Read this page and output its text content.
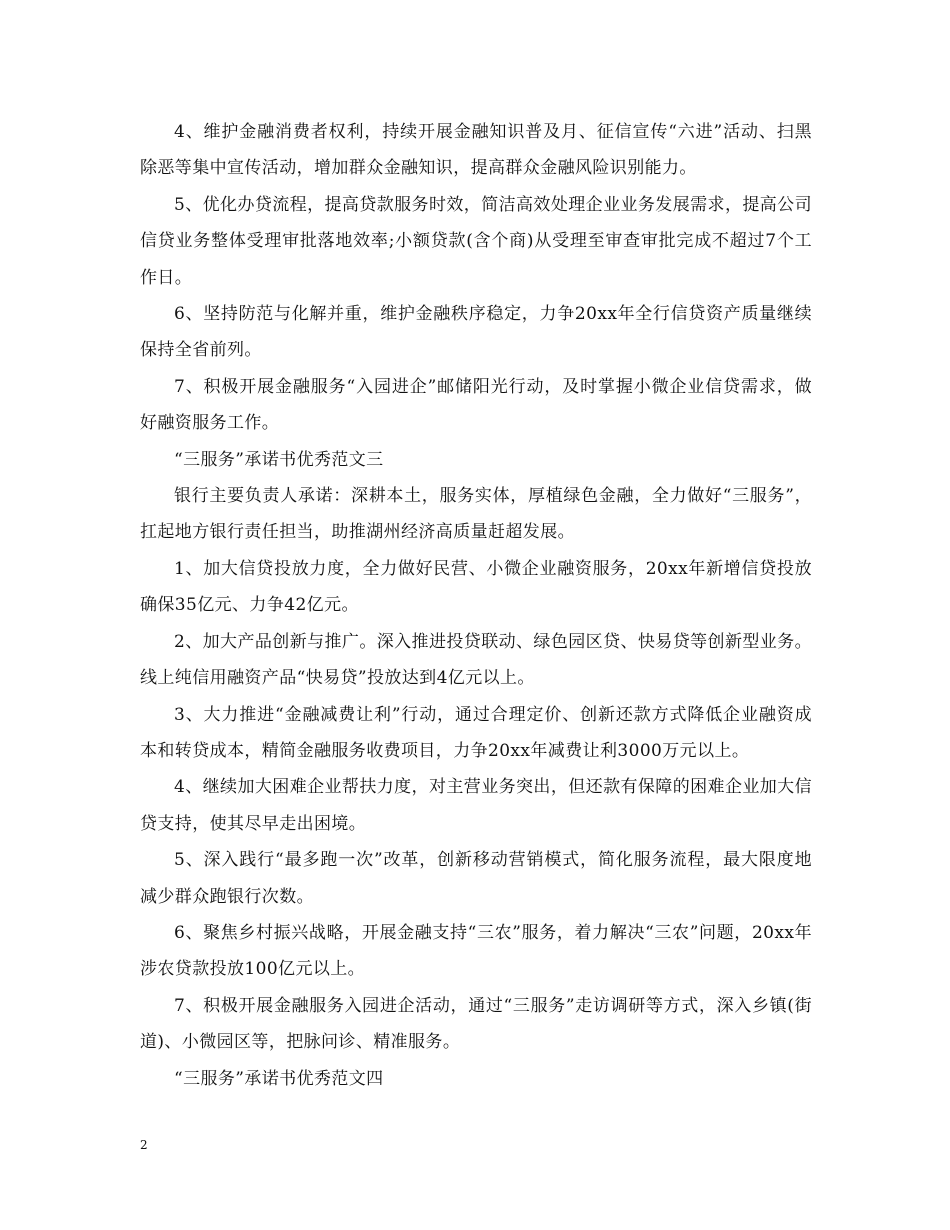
4、维护金融消费者权利，持续开展金融知识普及月、征信宣传“六进”活动、扫黑除恶等集中宣传活动，增加群众金融知识，提高群众金融风险识别能力。

5、优化办贷流程，提高贷款服务时效，简洁高效处理企业业务发展需求，提高公司信贷业务整体受理审批落地效率;小额贷款(含个商)从受理至审查审批完成不超过7个工作日。

6、坚持防范与化解并重，维护金融秩序稳定，力争20xx年全行信贷资产质量继续保持全省前列。

7、积极开展金融服务“入园进企”邮储阳光行动，及时掌握小微企业信贷需求，做好融资服务工作。

“三服务”承诺书优秀范文三

银行主要负责人承诺：深耕本土，服务实体，厚植绿色金融，全力做好“三服务”，扛起地方银行责任担当，助推湖州经济高质量赶超发展。

1、加大信贷投放力度，全力做好民营、小微企业融资服务，20xx年新增信贷投放确保35亿元、力争42亿元。

2、加大产品创新与推广。深入推进投贷联动、绿色园区贷、快易贷等创新型业务。线上纯信用融资产品“快易贷”投放达到4亿元以上。

3、大力推进“金融减费让利”行动，通过合理定价、创新还款方式降低企业融资成本和转贷成本，精简金融服务收费项目，力争20xx年减费让利3000万元以上。

4、继续加大困难企业帮扶力度，对主营业务突出，但还款有保障的困难企业加大信贷支持，使其尽早走出困境。

5、深入践行“最多跑一次”改革，创新移动营销模式，简化服务流程，最大限度地减少群众跑银行次数。

6、聚焦乡村振兴战略，开展金融支持“三农”服务，着力解决“三农”问题，20xx年涉农贷款投放100亿元以上。

7、积极开展金融服务入园进企活动，通过“三服务”走访调研等方式，深入乡镇(街道)、小微园区等，把脉问诊、精准服务。

“三服务”承诺书优秀范文四

2
